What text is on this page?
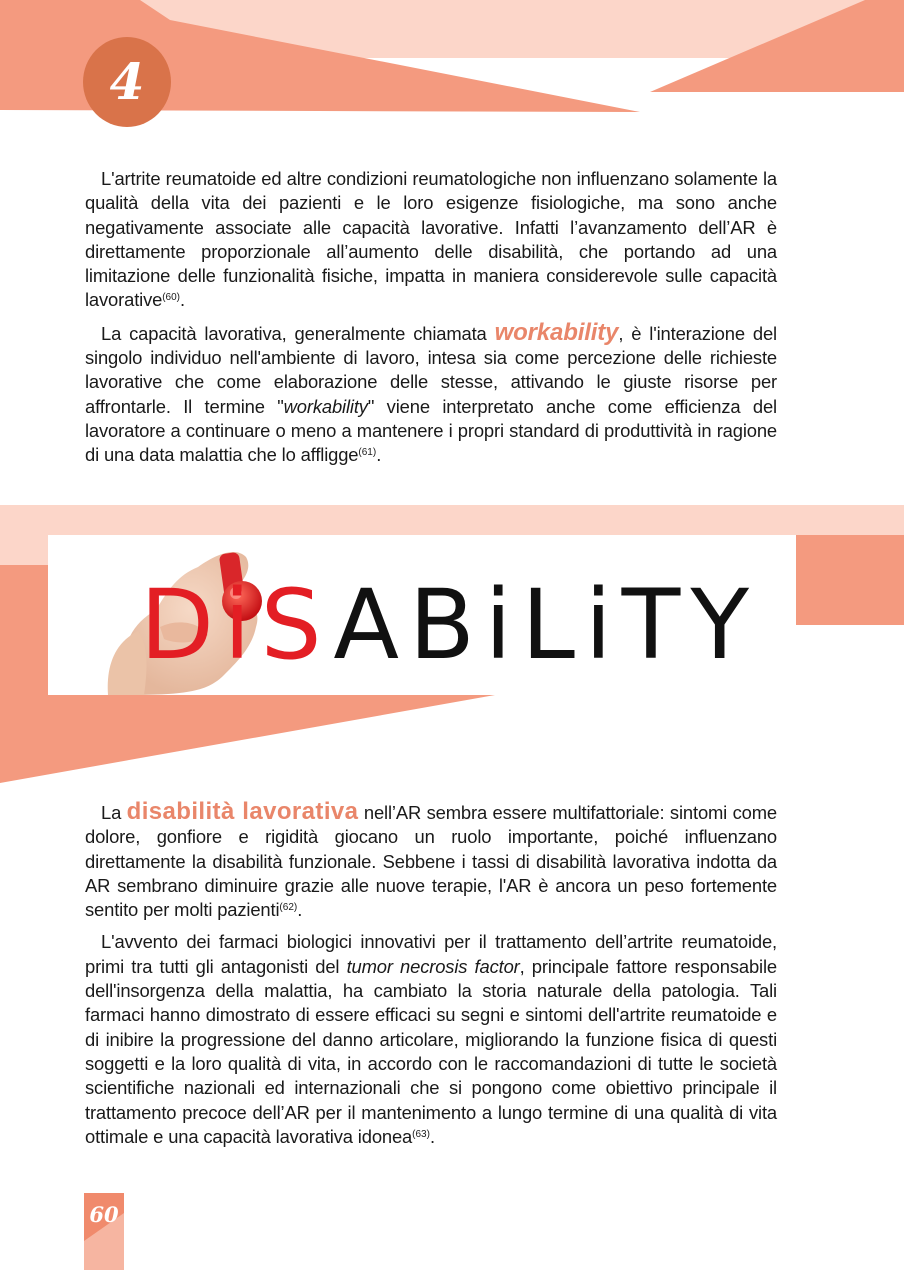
4

L'artrite reumatoide ed altre condizioni reumatologiche non influenzano solamente la qualità della vita dei pazienti e le loro esigenze fisiologiche, ma sono anche negativamente associate alle capacità lavorative. Infatti l’avanzamento dell’AR è direttamente proporzionale all’aumento delle disabilità, che portando ad una limitazione delle funzionalità fisiche, impatta in maniera considerevole sulle capacità lavorative$^{(60)}$.

La capacità lavorativa, generalmente chiamata workability, è l'interazione del singolo individuo nell'ambiente di lavoro, intesa sia come percezione delle richieste lavorative che come elaborazione delle stesse, attivando le giuste risorse per affrontarle. Il termine "workability" viene interpretato anche come efficienza del lavoratore a continuare o meno a mantenere i propri standard di produttività in ragione di una data malattia che lo affligge$^{(61)}$.

DiSABiLiTY

La disabilità lavorativa nell’AR sembra essere multifattoriale: sintomi come dolore, gonfiore e rigidità giocano un ruolo importante, poiché influenzano direttamente la disabilità funzionale. Sebbene i tassi di disabilità lavorativa indotta da AR sembrano diminuire grazie alle nuove terapie, l'AR è ancora un peso fortemente sentito per molti pazienti$^{(62)}$.

L'avvento dei farmaci biologici innovativi per il trattamento dell’artrite reumatoide, primi tra tutti gli antagonisti del tumor necrosis factor, principale fattore responsabile dell'insorgenza della malattia, ha cambiato la storia naturale della patologia. Tali farmaci hanno dimostrato di essere efficaci su segni e sintomi dell'artrite reumatoide e di inibire la progressione del danno articolare, migliorando la funzione fisica di questi soggetti e la loro qualità di vita, in accordo con le raccomandazioni di tutte le società scientifiche nazionali ed internazionali che si pongono come obiettivo principale il trattamento precoce dell’AR per il mantenimento a lungo termine di una qualità di vita ottimale e una capacità lavorativa idonea$^{(63)}$.

60
